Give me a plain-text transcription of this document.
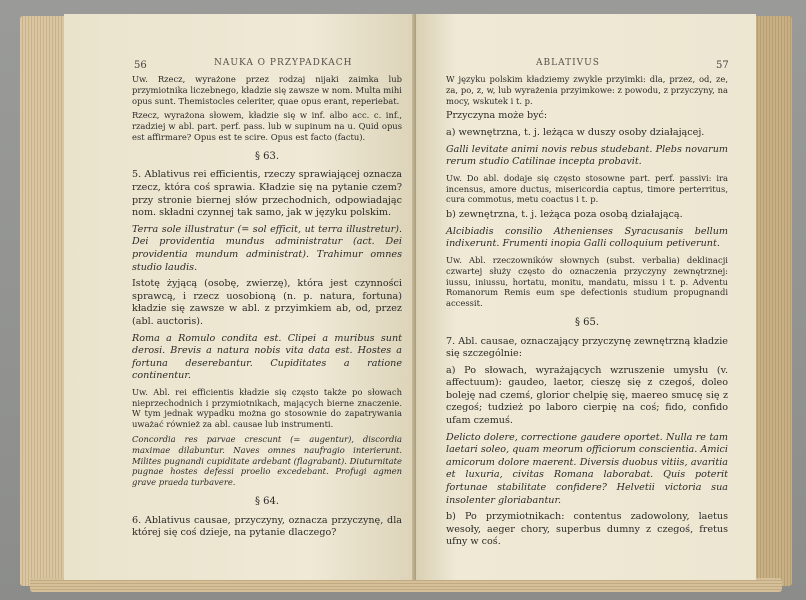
56	NAUKA O PRZYPADKACH

Uw. Rzecz, wyrażone przez rodzaj nijaki zaimka lub przymiotnika liczebnego, kładzie się zawsze w nom. Multa mihi opus sunt. Themistocles celeriter, quae opus erant, reperiebat.

Rzecz, wyrażona słowem, kładzie się w inf. albo acc. c. inf., rzadziej w abl. part. perf. pass. lub w supinum na u. Quid opus est affirmare? Opus est te scire. Opus est facto (factu).

§ 63.

5. Ablativus rei efficientis, rzeczy sprawiającej oznacza rzecz, która coś sprawia. Kładzie się na pytanie czem? przy stronie biernej słów przechodnich, odpowiadając nom. składni czynnej tak samo, jak w języku polskim.

Terra sole illustratur (= sol efficit, ut terra illustretur). Dei providentia mundus administratur (act. Dei providentia mundum administrat). Trahimur omnes studio laudis.

Istotę żyjącą (osobę, zwierzę), która jest czynności sprawcą, i rzecz uosobioną (n. p. natura, fortuna) kładzie się zawsze w abl. z przyimkiem ab, od, przez (abl. auctoris).

Roma a Romulo condita est. Clipei a muribus sunt derosi. Brevis a natura nobis vita data est. Hostes a fortuna deserebantur. Cupiditates a ratione continentur.

Uw. Abl. rei efficientis kładzie się często także po słowach nieprzechodnich i przymiotnikach, mających bierne znaczenie. W tym jednak wypadku można go stosownie do zapatrywania uważać również za abl. causae lub instrumenti.

Concordia res parvae crescunt (= augentur), discordia maximae dilabuntur. Naves omnes naufragio interierunt. Milites pugnandi cupiditate ardebant (flagrabant). Diuturnitate pugnae hostes defessi proelio excedebant. Profugi agmen grave praeda turbavere.

§ 64.

6. Ablativus causae, przyczyny, oznacza przyczynę, dla której się coś dzieje, na pytanie dlaczego?

ABLATIVUS	57

W języku polskim kładziemy zwykle przyimki: dla, przez, od, ze, za, po, z, w, lub wyrażenia przyimkowe: z powodu, z przyczyny, na mocy, wskutek i t. p.

Przyczyna może być:

a) wewnętrzna, t. j. leżąca w duszy osoby działającej.

Galli levitate animi novis rebus studebant. Plebs novarum rerum studio Catilinae incepta probavit.

Uw. Do abl. dodaje się często stosowne part. perf. passivi: ira incensus, amore ductus, misericordia captus, timore perterritus, cura commotus, metu coactus i t. p.

b) zewnętrzna, t. j. leżąca poza osobą działającą.

Alcibiadis consilio Athenienses Syracusanis bellum indixerunt. Frumenti inopia Galli colloquium petiverunt.

Uw. Abl. rzeczowników słownych (subst. verbalia) deklinacji czwartej służy często do oznaczenia przyczyny zewnętrznej: iussu, iniussu, hortatu, monitu, mandatu, missu i t. p. Adventu Romanorum Remis eum spe defectionis studium propugnandi accessit.

§ 65.

7. Abl. causae, oznaczający przyczynę zewnętrzną kładzie się szczególnie:

a) Po słowach, wyrażających wzruszenie umysłu (v. affectuum): gaudeo, laetor, cieszę się z czegoś, doleo boleję nad czemś, glorior chelpię się, maereo smucę się z czegoś; tudzież po laboro cierpię na coś; fido, confido ufam czemuś.

Delicto dolere, correctione gaudere oportet. Nulla re tam laetari soleo, quam meorum officiorum conscientia. Amici amicorum dolore maerent. Diversis duobus vitiis, avaritia et luxuria, civitas Romana laborabat. Quis poterit fortunae stabilitate confidere? Helvetii victoria sua insolenter gloriabantur.

b) Po przymiotnikach: contentus zadowolony, laetus wesoły, aeger chory, superbus dumny z czegoś, fretus ufny w coś.
